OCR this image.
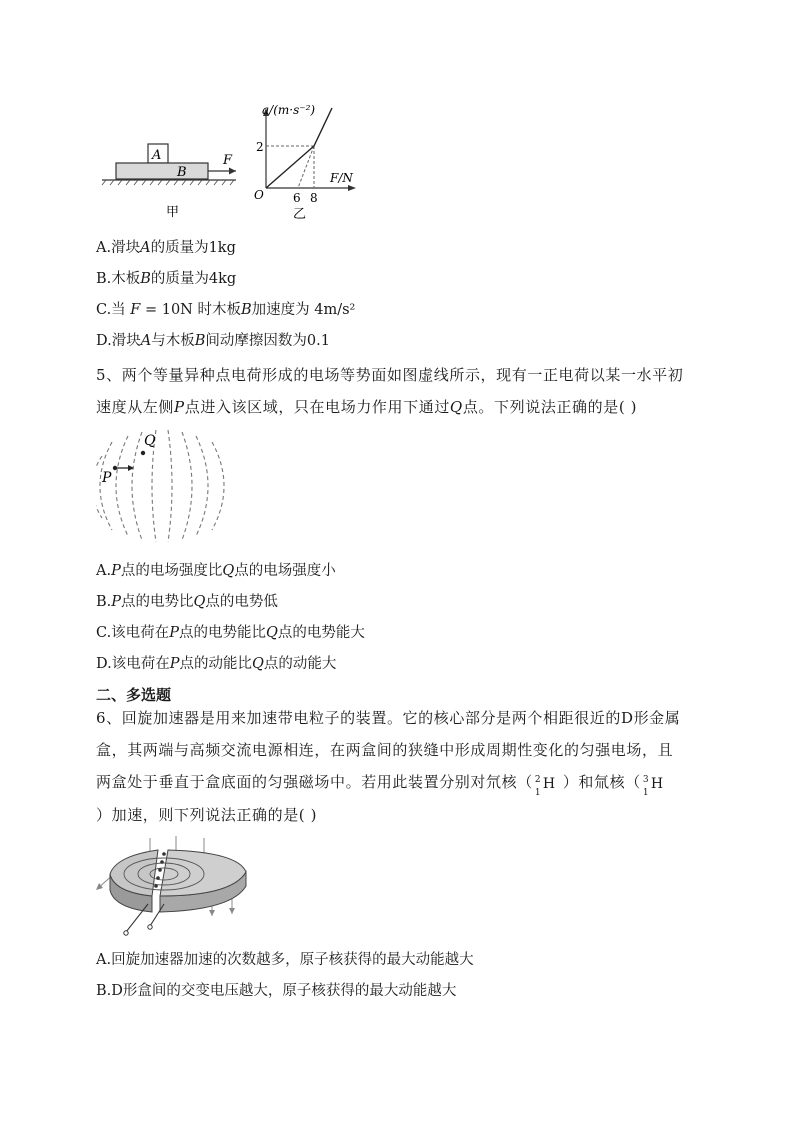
A
B
F
甲
a/(m·s⁻²)
F/N
O
2
6 8
乙
A.滑块A的质量为1kg
B.木板B的质量为4kg
C.当 F = 10N 时木板B加速度为 4m/s²
D.滑块A与木板B间动摩擦因数为0.1
5、两个等量异种点电荷形成的电场等势面如图虚线所示，现有一正电荷以某一水平初
速度从左侧P点进入该区域，只在电场力作用下通过Q点。下列说法正确的是( )
Q
P
A.P点的电场强度比Q点的电场强度小
B.P点的电势比Q点的电势低
C.该电荷在P点的电势能比Q点的电势能大
D.该电荷在P点的动能比Q点的动能大
二、多选题
6、回旋加速器是用来加速带电粒子的装置。它的核心部分是两个相距很近的D形金属
盒，其两端与高频交流电源相连，在两盒间的狭缝中形成周期性变化的匀强电场，且
两盒处于垂直于盒底面的匀强磁场中。若用此装置分别对氘核（ 2
1
H ）和氚核（ 3
1
H
）加速，则下列说法正确的是( )
A.回旋加速器加速的次数越多，原子核获得的最大动能越大
B.D形盒间的交变电压越大，原子核获得的最大动能越大
